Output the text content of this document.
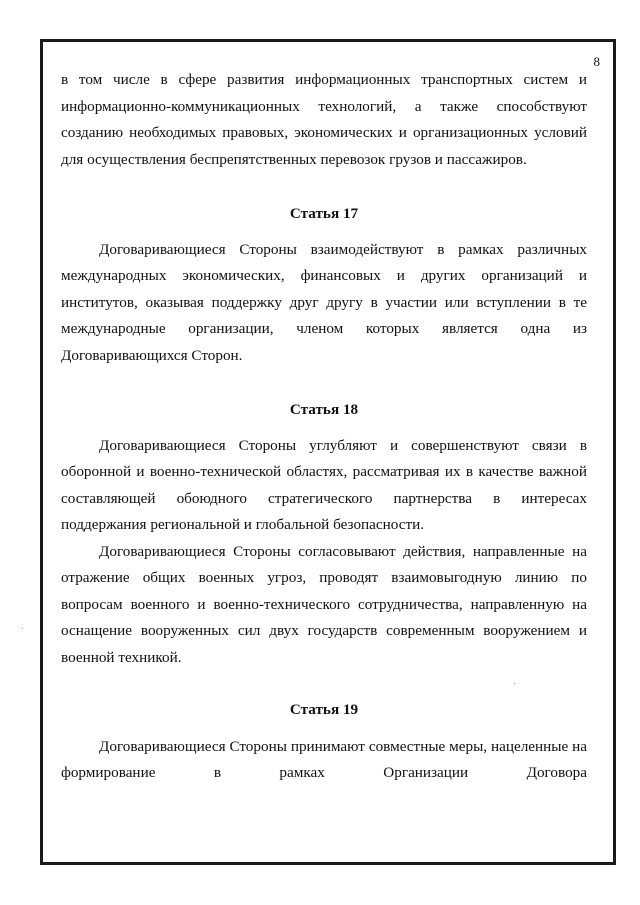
8

в том числе в сфере развития информационных транспортных систем и информационно-коммуникационных технологий, а также способствуют созданию необходимых правовых, экономических и организационных условий для осуществления беспрепятственных перевозок грузов и пассажиров.

Статья 17

Договаривающиеся Стороны взаимодействуют в рамках различных международных экономических, финансовых и других организаций и институтов, оказывая поддержку друг другу в участии или вступлении в те международные организации, членом которых является одна из Договаривающихся Сторон.

Статья 18

Договаривающиеся Стороны углубляют и совершенствуют связи в оборонной и военно-технической областях, рассматривая их в качестве важной составляющей обоюдного стратегического партнерства в интересах поддержания региональной и глобальной безопасности.

Договаривающиеся Стороны согласовывают действия, направленные на отражение общих военных угроз, проводят взаимовыгодную линию по вопросам военного и военно-технического сотрудничества, направленную на оснащение вооруженных сил двух государств современным вооружением и военной техникой.

Статья 19

Договаривающиеся Стороны принимают совместные меры, нацеленные на формирование в рамках Организации Договора
